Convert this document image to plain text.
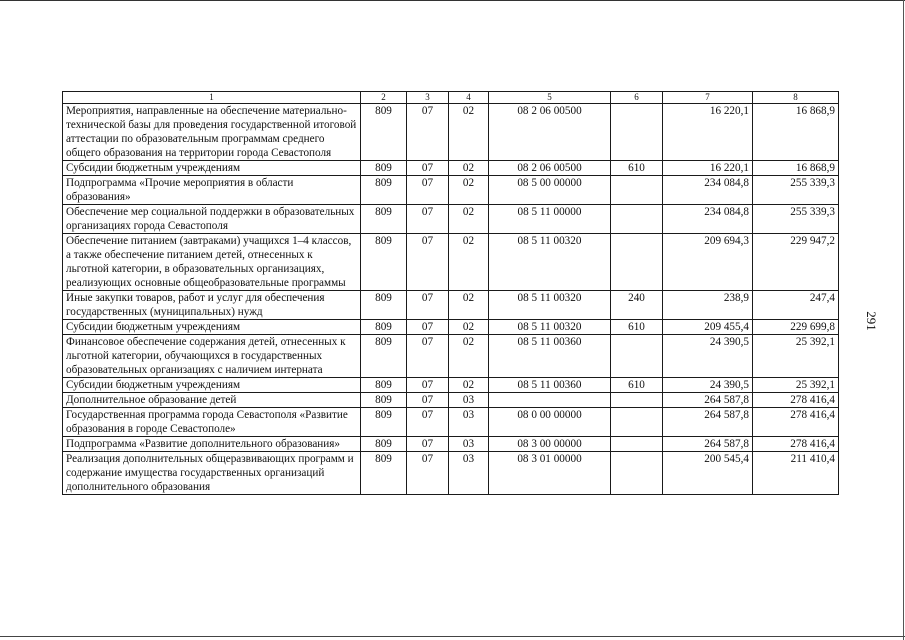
291
1	2	3	4	5	6	7	8
Мероприятия, направленные на обеспечение материально-технической базы для проведения государственной итоговой аттестации по образовательным программам среднего общего образования на территории города Севастополя	809	07	02	08 2 06 00500		16 220,1	16 868,9
Субсидии бюджетным учреждениям	809	07	02	08 2 06 00500	610	16 220,1	16 868,9
Подпрограмма «Прочие мероприятия в области образования»	809	07	02	08 5 00 00000		234 084,8	255 339,3
Обеспечение мер социальной поддержки в образовательных организациях города Севастополя	809	07	02	08 5 11 00000		234 084,8	255 339,3
Обеспечение питанием (завтраками) учащихся 1–4 классов, а также обеспечение питанием детей, отнесенных к льготной категории, в образовательных организациях, реализующих основные общеобразовательные программы	809	07	02	08 5 11 00320		209 694,3	229 947,2
Иные закупки товаров, работ и услуг для обеспечения государственных (муниципальных) нужд	809	07	02	08 5 11 00320	240	238,9	247,4
Субсидии бюджетным учреждениям	809	07	02	08 5 11 00320	610	209 455,4	229 699,8
Финансовое обеспечение содержания детей, отнесенных к льготной категории, обучающихся в государственных образовательных организациях с наличием интерната	809	07	02	08 5 11 00360		24 390,5	25 392,1
Субсидии бюджетным учреждениям	809	07	02	08 5 11 00360	610	24 390,5	25 392,1
Дополнительное образование детей	809	07	03			264 587,8	278 416,4
Государственная программа города Севастополя «Развитие образования в городе Севастополе»	809	07	03	08 0 00 00000		264 587,8	278 416,4
Подпрограмма «Развитие дополнительного образования»	809	07	03	08 3 00 00000		264 587,8	278 416,4
Реализация дополнительных общеразвивающих программ и содержание имущества государственных организаций дополнительного образования	809	07	03	08 3 01 00000		200 545,4	211 410,4
